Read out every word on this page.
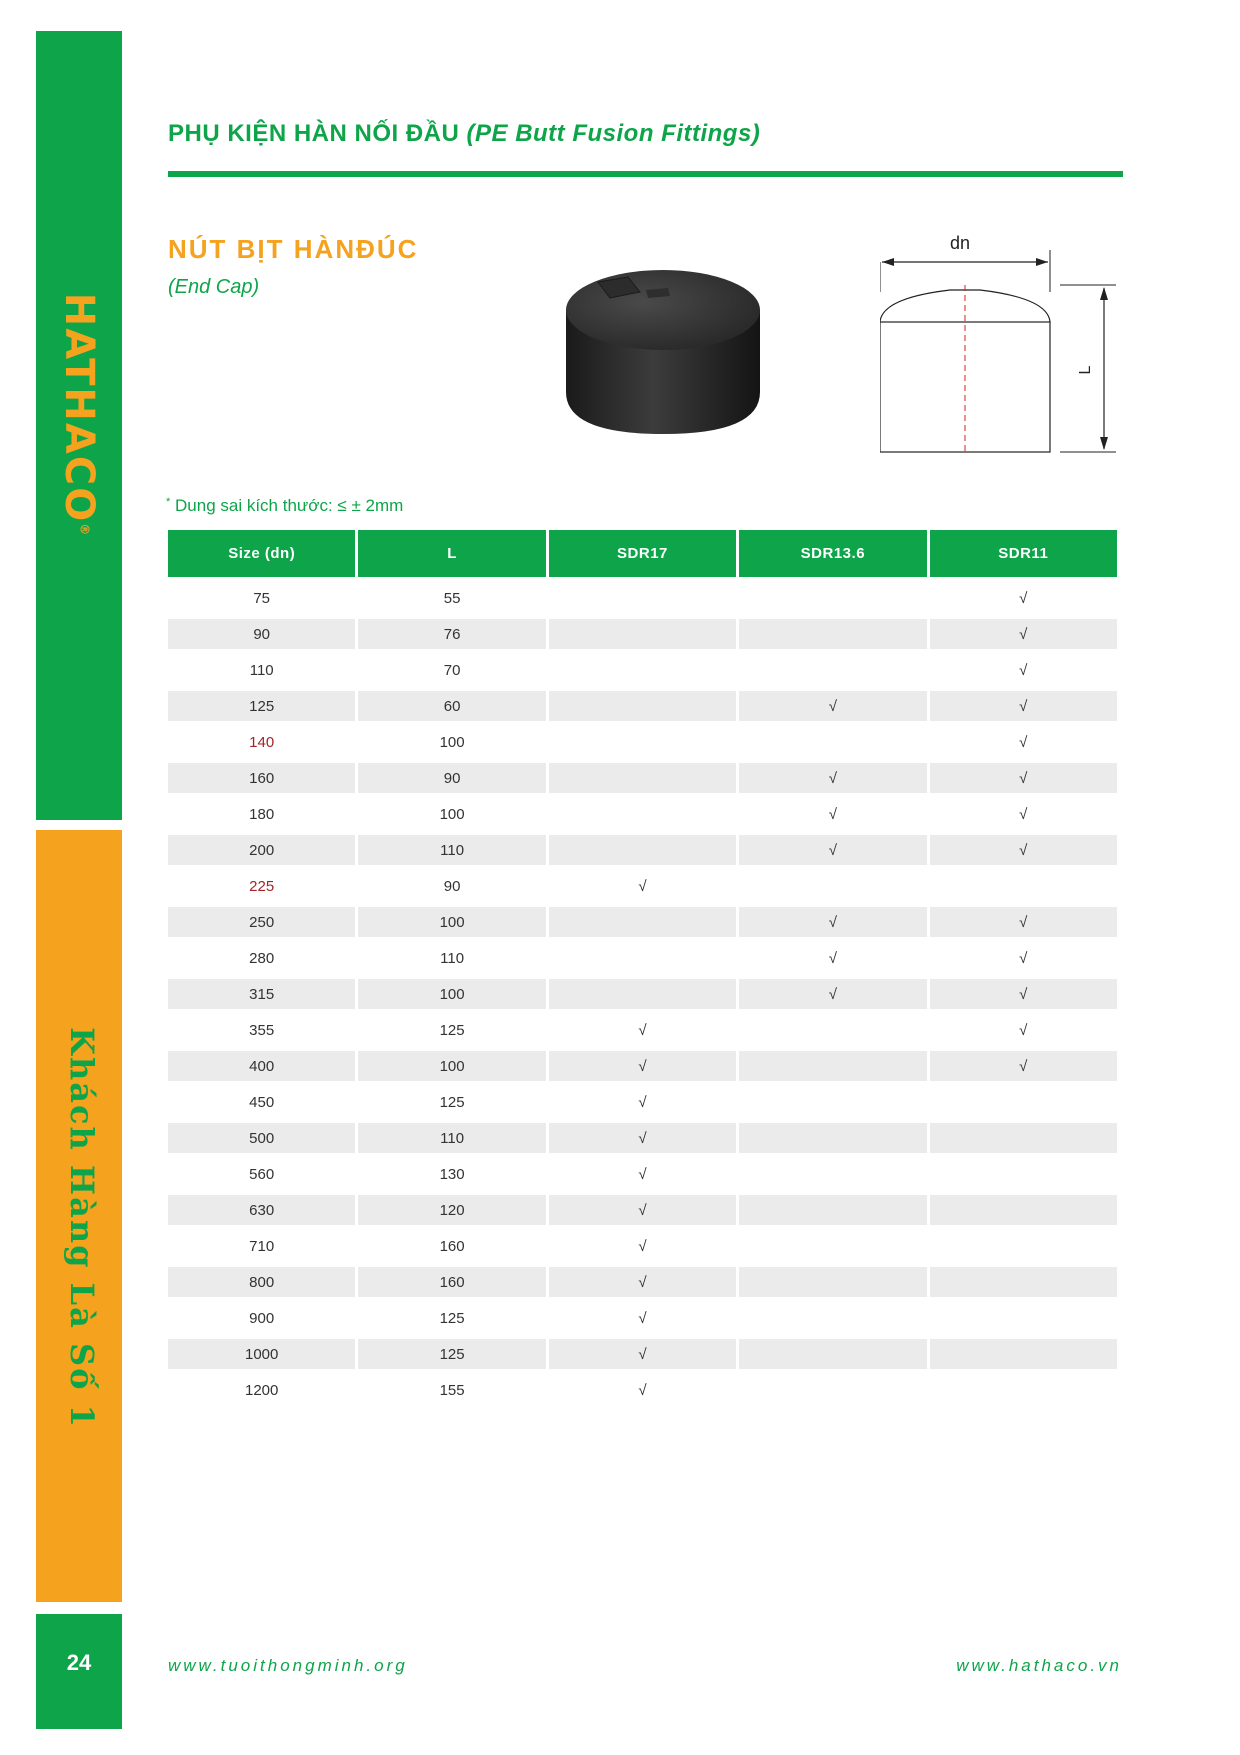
HATHACO®
Khách Hàng Là Số 1
24
PHỤ KIỆN HÀN NỐI ĐẦU (PE Butt Fusion Fittings)
NÚT BỊT HÀNĐÚC
(End Cap)
dn
L
* Dung sai kích thước: ≤ ± 2mm
Size (dn)	L	SDR17	SDR13.6	SDR11
75	55			√
90	76			√
110	70			√
125	60		√	√
140	100			√
160	90		√	√
180	100		√	√
200	110		√	√
225	90	√		
250	100		√	√
280	110		√	√
315	100		√	√
355	125	√		√
400	100	√		√
450	125	√		
500	110	√		
560	130	√		
630	120	√		
710	160	√		
800	160	√		
900	125	√		
1000	125	√		
1200	155	√		
www.tuoithongminh.org	www.hathaco.vn
